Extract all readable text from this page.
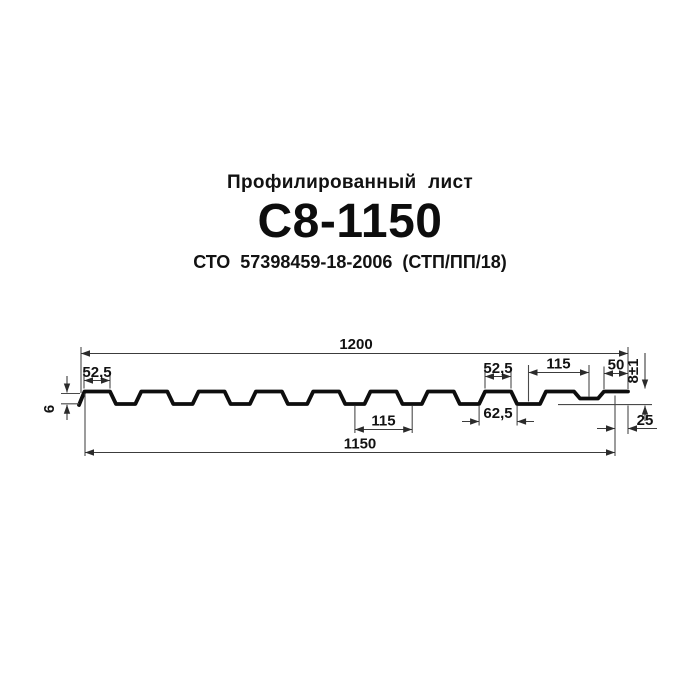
Профилированный лист
С8-1150
СТО 57398459-18-2006 (СТП/ПП/18)
1200
52,5
6
52,5 115 50 8±1
25
62,5
115
1150
